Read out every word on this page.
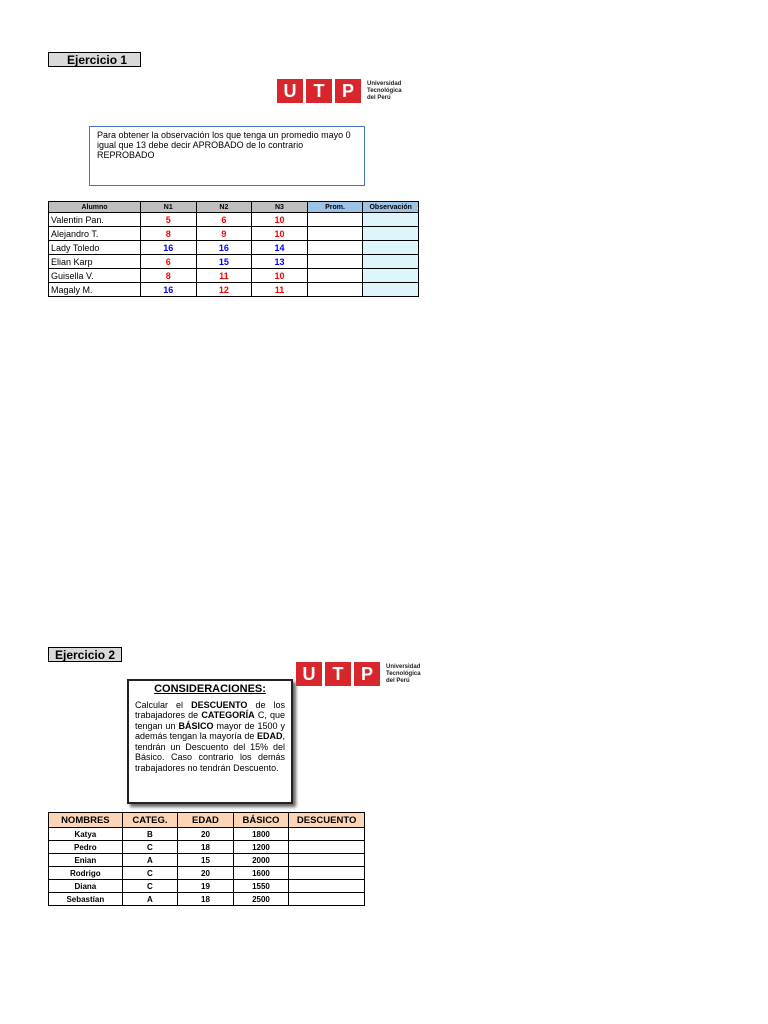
Ejercicio 1
U T P	Universidad
Tecnológica
del Perú
Para obtener la observación los que tenga un promedio mayo 0 igual que 13 debe decir APROBADO de lo contrario REPROBADO
Alumno	N1	N2	N3	Prom.	Observación
Valentin Pan.	5	6	10		
Alejandro T.	8	9	10		
Lady Toledo	16	16	14		
Elian Karp	6	15	13		
Guisella V.	8	11	10		
Magaly M.	16	12	11		
Ejercicio 2
U T P	Universidad
Tecnológica
del Perú
CONSIDERACIONES:
Calcular el DESCUENTO de los trabajadores de CATEGORÍA C, que tengan un BÁSICO mayor de 1500 y además tengan la mayoría de EDAD, tendrán un Descuento del 15% del Básico. Caso contrario los demás trabajadores no tendrán Descuento.
NOMBRES	CATEG.	EDAD	BÁSICO	DESCUENTO
Katya	B	20	1800	
Pedro	C	18	1200	
Enian	A	15	2000	
Rodrigo	C	20	1600	
Diana	C	19	1550	
Sebastían	A	18	2500	
